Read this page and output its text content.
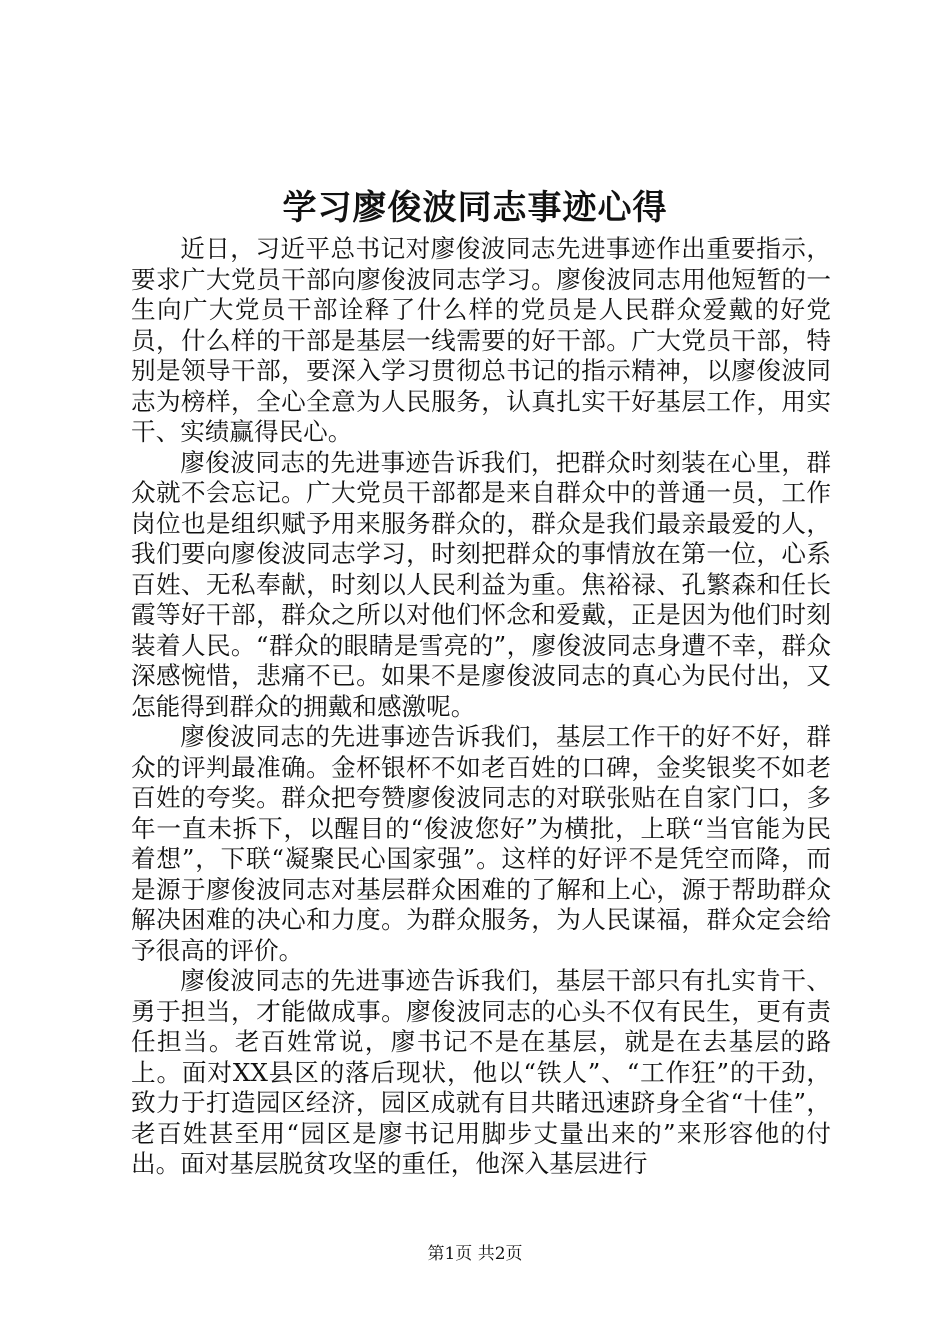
学习廖俊波同志事迹心得

近日，习近平总书记对廖俊波同志先进事迹作出重要指示，要求广大党员干部向廖俊波同志学习。廖俊波同志用他短暂的一生向广大党员干部诠释了什么样的党员是人民群众爱戴的好党员，什么样的干部是基层一线需要的好干部。广大党员干部，特别是领导干部，要深入学习贯彻总书记的指示精神，以廖俊波同志为榜样，全心全意为人民服务，认真扎实干好基层工作，用实干、实绩赢得民心。

廖俊波同志的先进事迹告诉我们，把群众时刻装在心里，群众就不会忘记。广大党员干部都是来自群众中的普通一员，工作岗位也是组织赋予用来服务群众的，群众是我们最亲最爱的人，我们要向廖俊波同志学习，时刻把群众的事情放在第一位，心系百姓、无私奉献，时刻以人民利益为重。焦裕禄、孔繁森和任长霞等好干部，群众之所以对他们怀念和爱戴，正是因为他们时刻装着人民。“群众的眼睛是雪亮的”，廖俊波同志身遭不幸，群众深感惋惜，悲痛不已。如果不是廖俊波同志的真心为民付出，又怎能得到群众的拥戴和感激呢。

廖俊波同志的先进事迹告诉我们，基层工作干的好不好，群众的评判最准确。金杯银杯不如老百姓的口碑，金奖银奖不如老百姓的夸奖。群众把夸赞廖俊波同志的对联张贴在自家门口，多年一直未拆下，以醒目的“俊波您好”为横批，上联“当官能为民着想”，下联“凝聚民心国家强”。这样的好评不是凭空而降，而是源于廖俊波同志对基层群众困难的了解和上心，源于帮助群众解决困难的决心和力度。为群众服务，为人民谋福，群众定会给予很高的评价。

廖俊波同志的先进事迹告诉我们，基层干部只有扎实肯干、勇于担当，才能做成事。廖俊波同志的心头不仅有民生，更有责任担当。老百姓常说，廖书记不是在基层，就是在去基层的路上。面对XX县区的落后现状，他以“铁人”、“工作狂”的干劲，致力于打造园区经济，园区成就有目共睹迅速跻身全省“十佳”，老百姓甚至用“园区是廖书记用脚步丈量出来的”来形容他的付出。面对基层脱贫攻坚的重任，他深入基层进行

第1页 共2页
